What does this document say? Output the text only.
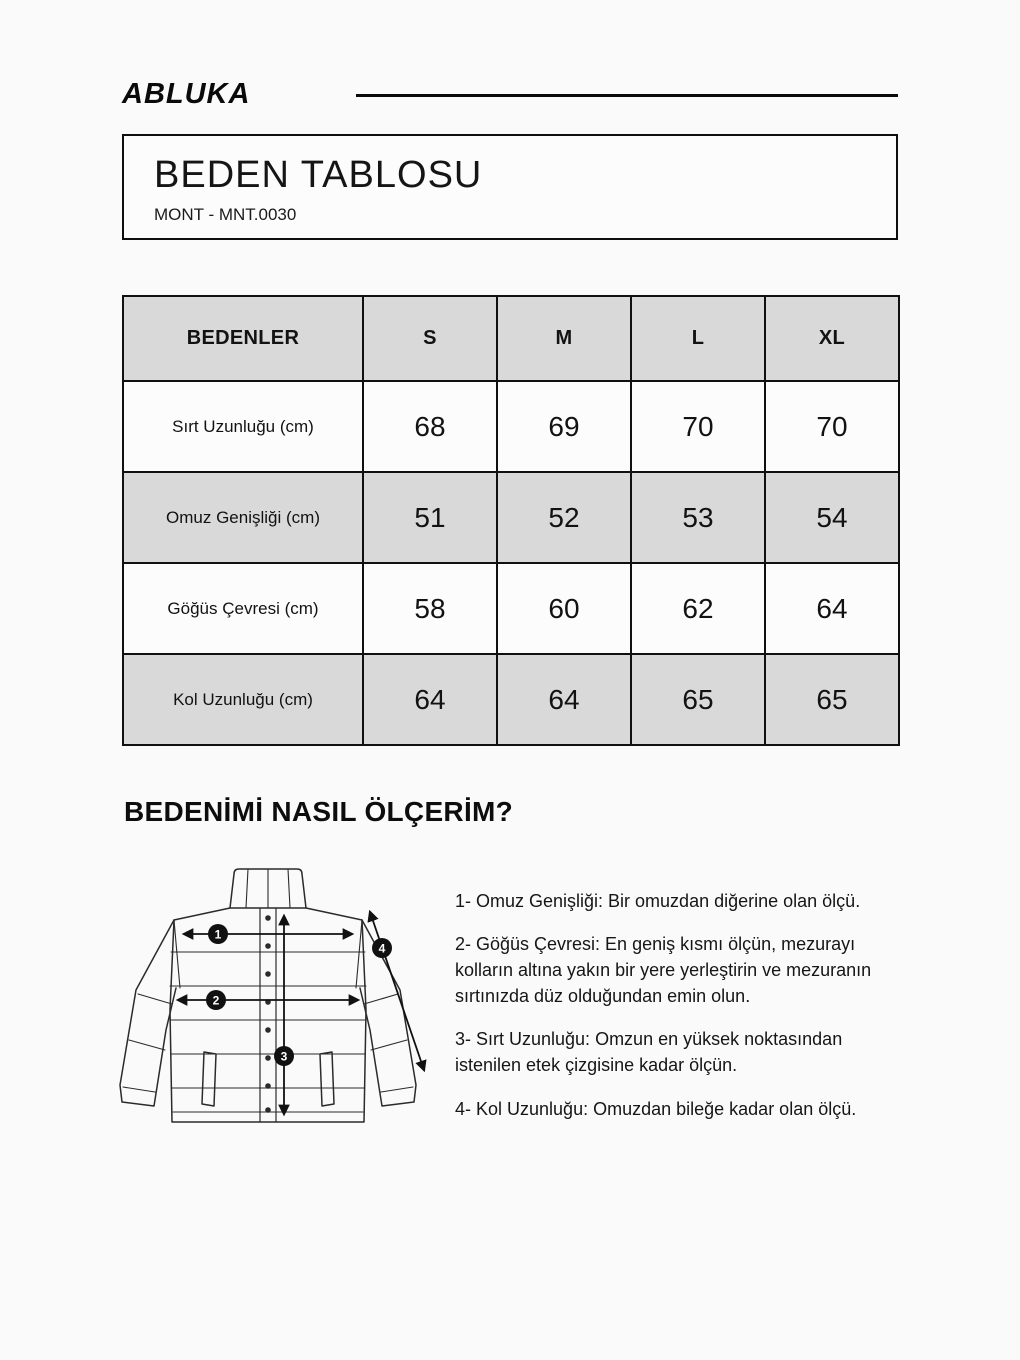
ABLUKA
BEDEN TABLOSU
MONT - MNT.0030
BEDENLER	S	M	L	XL
Sırt Uzunluğu (cm)	68	69	70	70
Omuz Genişliği (cm)	51	52	53	54
Göğüs Çevresi (cm)	58	60	62	64
Kol Uzunluğu (cm)	64	64	65	65
BEDENİMİ NASIL ÖLÇERİM?
1
2
3
4

1- Omuz Genişliği: Bir omuzdan diğerine olan ölçü.

2- Göğüs Çevresi: En geniş kısmı ölçün, mezurayı kolların altına yakın bir yere yerleştirin ve mezuranın sırtınızda düz olduğundan emin olun.

3- Sırt Uzunluğu: Omzun en yüksek noktasından istenilen etek çizgisine kadar ölçün.

4- Kol Uzunluğu: Omuzdan bileğe kadar olan ölçü.
